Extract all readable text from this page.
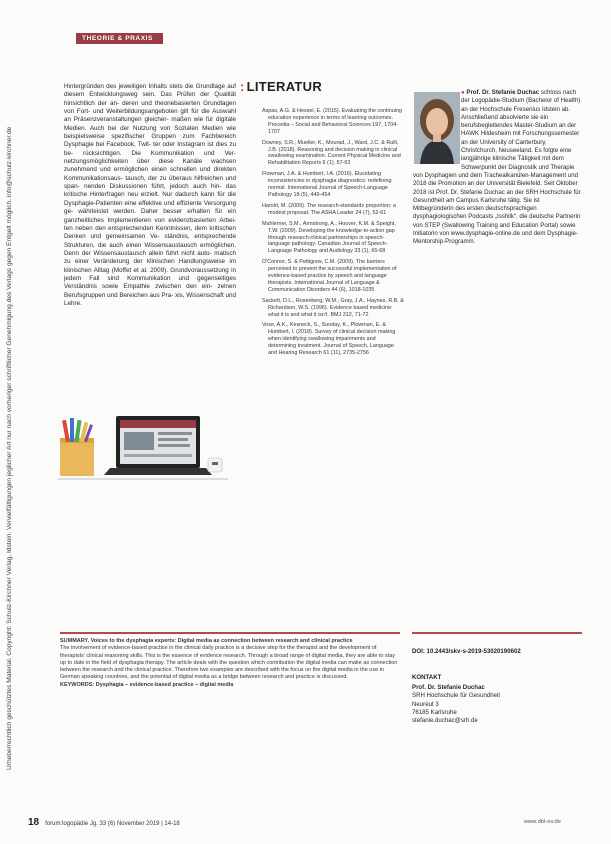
Urheberrechtlich geschütztes Material. Copyright: Schulz-Kirchner Verlag, Idstein. Vervielfältigungen jeglicher Art nur nach vorheriger schriftlicher Genehmigung des Verlags gegen Entgelt möglich. info@schulz-kirchner.de
THEORIE & PRAXIS

Hintergründen des jeweiligen Inhalts stets die Grundlage auf diesem Entwicklungsweg sein. Das Prüfen der Qualität hinsichtlich der an- deren und theoriebasierten Grundlagen von Fort- und Weiterbildungsangeboten gilt für die Auswahl an Präsenzveranstaltungen gleicher- maßen wie für digitale Medien. Auch bei der Nutzung von Sozialen Medien wie beispielsweise spezifischer Gruppen zum Fachbereich Dysphagie bei Facebook, Twit- ter oder Instagram ist dies zu be- rücksichtigen. Die Kommunikation und Ver- netzungsmöglichkeiten über diese Kanäle wachsen zunehmend und ermöglichen einen schnellen und direkten Kommunikationsaus- tausch, der zu überaus hilfreichen und span- nenden Diskussionen führt, jedoch auch hin- das kritische Hinterfragen neu erzielt. Nur dadurch kann für die Dysphagie-Patienten eine effektive und effiziente Versorgung ge- währleistet werden. Daher besser erhalten für ein ganzheitliches Implementieren von evidenzbasierten Arbei- ten neben den entsprechenden Kenntnissen, dem kritischen Denken und gemeinsamen Ve- ständnis, entsprechende Strukturen, die auch einen Wissensaustausch ermöglichen. Denn der Wissensaustausch allein führt nicht auto- matisch zu einer Veränderung der klinischen Handlungsweise im klinischen Alltag (Moffet et al. 2009). Grundvoraussetzung in jedem Fall sind Kommunikation und gegenseitiges Verständnis sowie Empathie zwischen den ein- zelnen Berufsgruppen und Bereichen aus Pra- xis, Wissenschaft und Lehre.

: LITERATUR

Aspas, A.G. & Hessel, E. (2015). Evaluating the continuing education experience in terms of learning outcomes. Procedia – Social and Behavioral Sciences 197, 1704-1707

Downey, S.R., Mueller, K., Mourad, J., Ward, J.C. & Rulli, J.B. (2018). Reasoning and decision making in clinical swallowing examination. Current Physical Medicine and Rehabilitation Reports 6 (1), 57-63

Flowman, J.A. & Humbert, I.A. (2016). Elucidating inconsistencies in dysphagia diagnostics: redefining normal. International Journal of Speech-Language Pathology 18 (5), 449-454

Harold, M. (2009). The research-standards proportion: a modest proposal. The ASHA Leader 24 (7), 52-61

Mahlerner, S.M., Armstrong, A., Hoover, K.M. & Speight, T.W. (2009). Developing the knowledge-to-action gap through research-clinical partnerships in speech-language pathology. Canadian Journal of Speech-Language Pathology and Audiology 33 (1), 65-68

O'Connor, S. & Pettigrew, C.M. (2009). The barriers perceived to prevent the successful implementation of evidence-based practice by speech and language therapists. International Journal of Language & Communication Disorders 44 (6), 1018-1035

Sackett, D.L., Rosenberg, W.M., Gray, J.A., Haynes, R.B. & Richardson, W.S. (1996). Evidence based medicine: what it is and what it isn't. BMJ 312, 71-72

Vose, A.K., Kesneck, S., Sunday, K., Plowman, E. & Humbert, I. (2018). Survey of clinical decision making when identifying swallowing impairments and determining treatment. Journal of Speech, Language and Hearing Research 61 (11), 2735-2756

● Prof. Dr. Stefanie Duchac schloss nach der Logopädie-Studium (Bachelor of Health) an der Hochschule Fresenius Idstein ab. Anschließend absolvierte sie ein berufsbegleitendes Master-Studium an der HAWK Hildesheim mit Forschungssemester an der University of Canterbury, Christchurch, Neuseeland. Es folgte eine langjährige klinische Tätigkeit mit dem Schwerpunkt der Diagnostik und Therapie von Dysphagien und dem Trachealkanülen-Management und 2018 die Promotion an der Universität Bielefeld. Seit Oktober 2018 ist Prof. Dr. Stefanie Duchac an der SRH Hochschule für Gesundheit am Campus Karlsruhe tätig. Sie ist Mitbegründerin des ersten deutschsprachigen dysphagiologischen Podcasts „Isshilk“, die deutsche Partnerin von STEP (Swallowing Training and Education Portal) sowie Initiatorin von www.dysphagie-online.de und dem Dysphagie-Mentorship-Programm.

SUMMARY. Voices to the dysphagia experts: Digital media as connection between research and clinical practice

The involvement of evidence-based practice in the clinical daily practice is a decisive step for the therapist and the development of therapists' clinical reasoning skills. This is the essence of evidence research. Through a broad range of digital media, they are able to stay up to date in the field of dysphagia therapy. The article deals with the question which contribution the digital media can make as connection between the research and the clinical practice. Therefore two examples are described with the focus on the digital media in the use in German speaking countries, and the potential of digital media as a bridge between research and practice is discussed.

KEYWORDS: Dysphagia – evidence-based practice – digital media

DOI: 10.2443/skv-s-2019-53020190602
KONTAKT
Prof. Dr. Stefanie Duchac
SRH Hochschule für Gesundheit
Neureut 3
76185 Karlsruhe
stefanie.duchac@srh.de
18 forum:logopädie Jg. 33 (6) November 2019 | 14-18	www.dbl-ev.de
